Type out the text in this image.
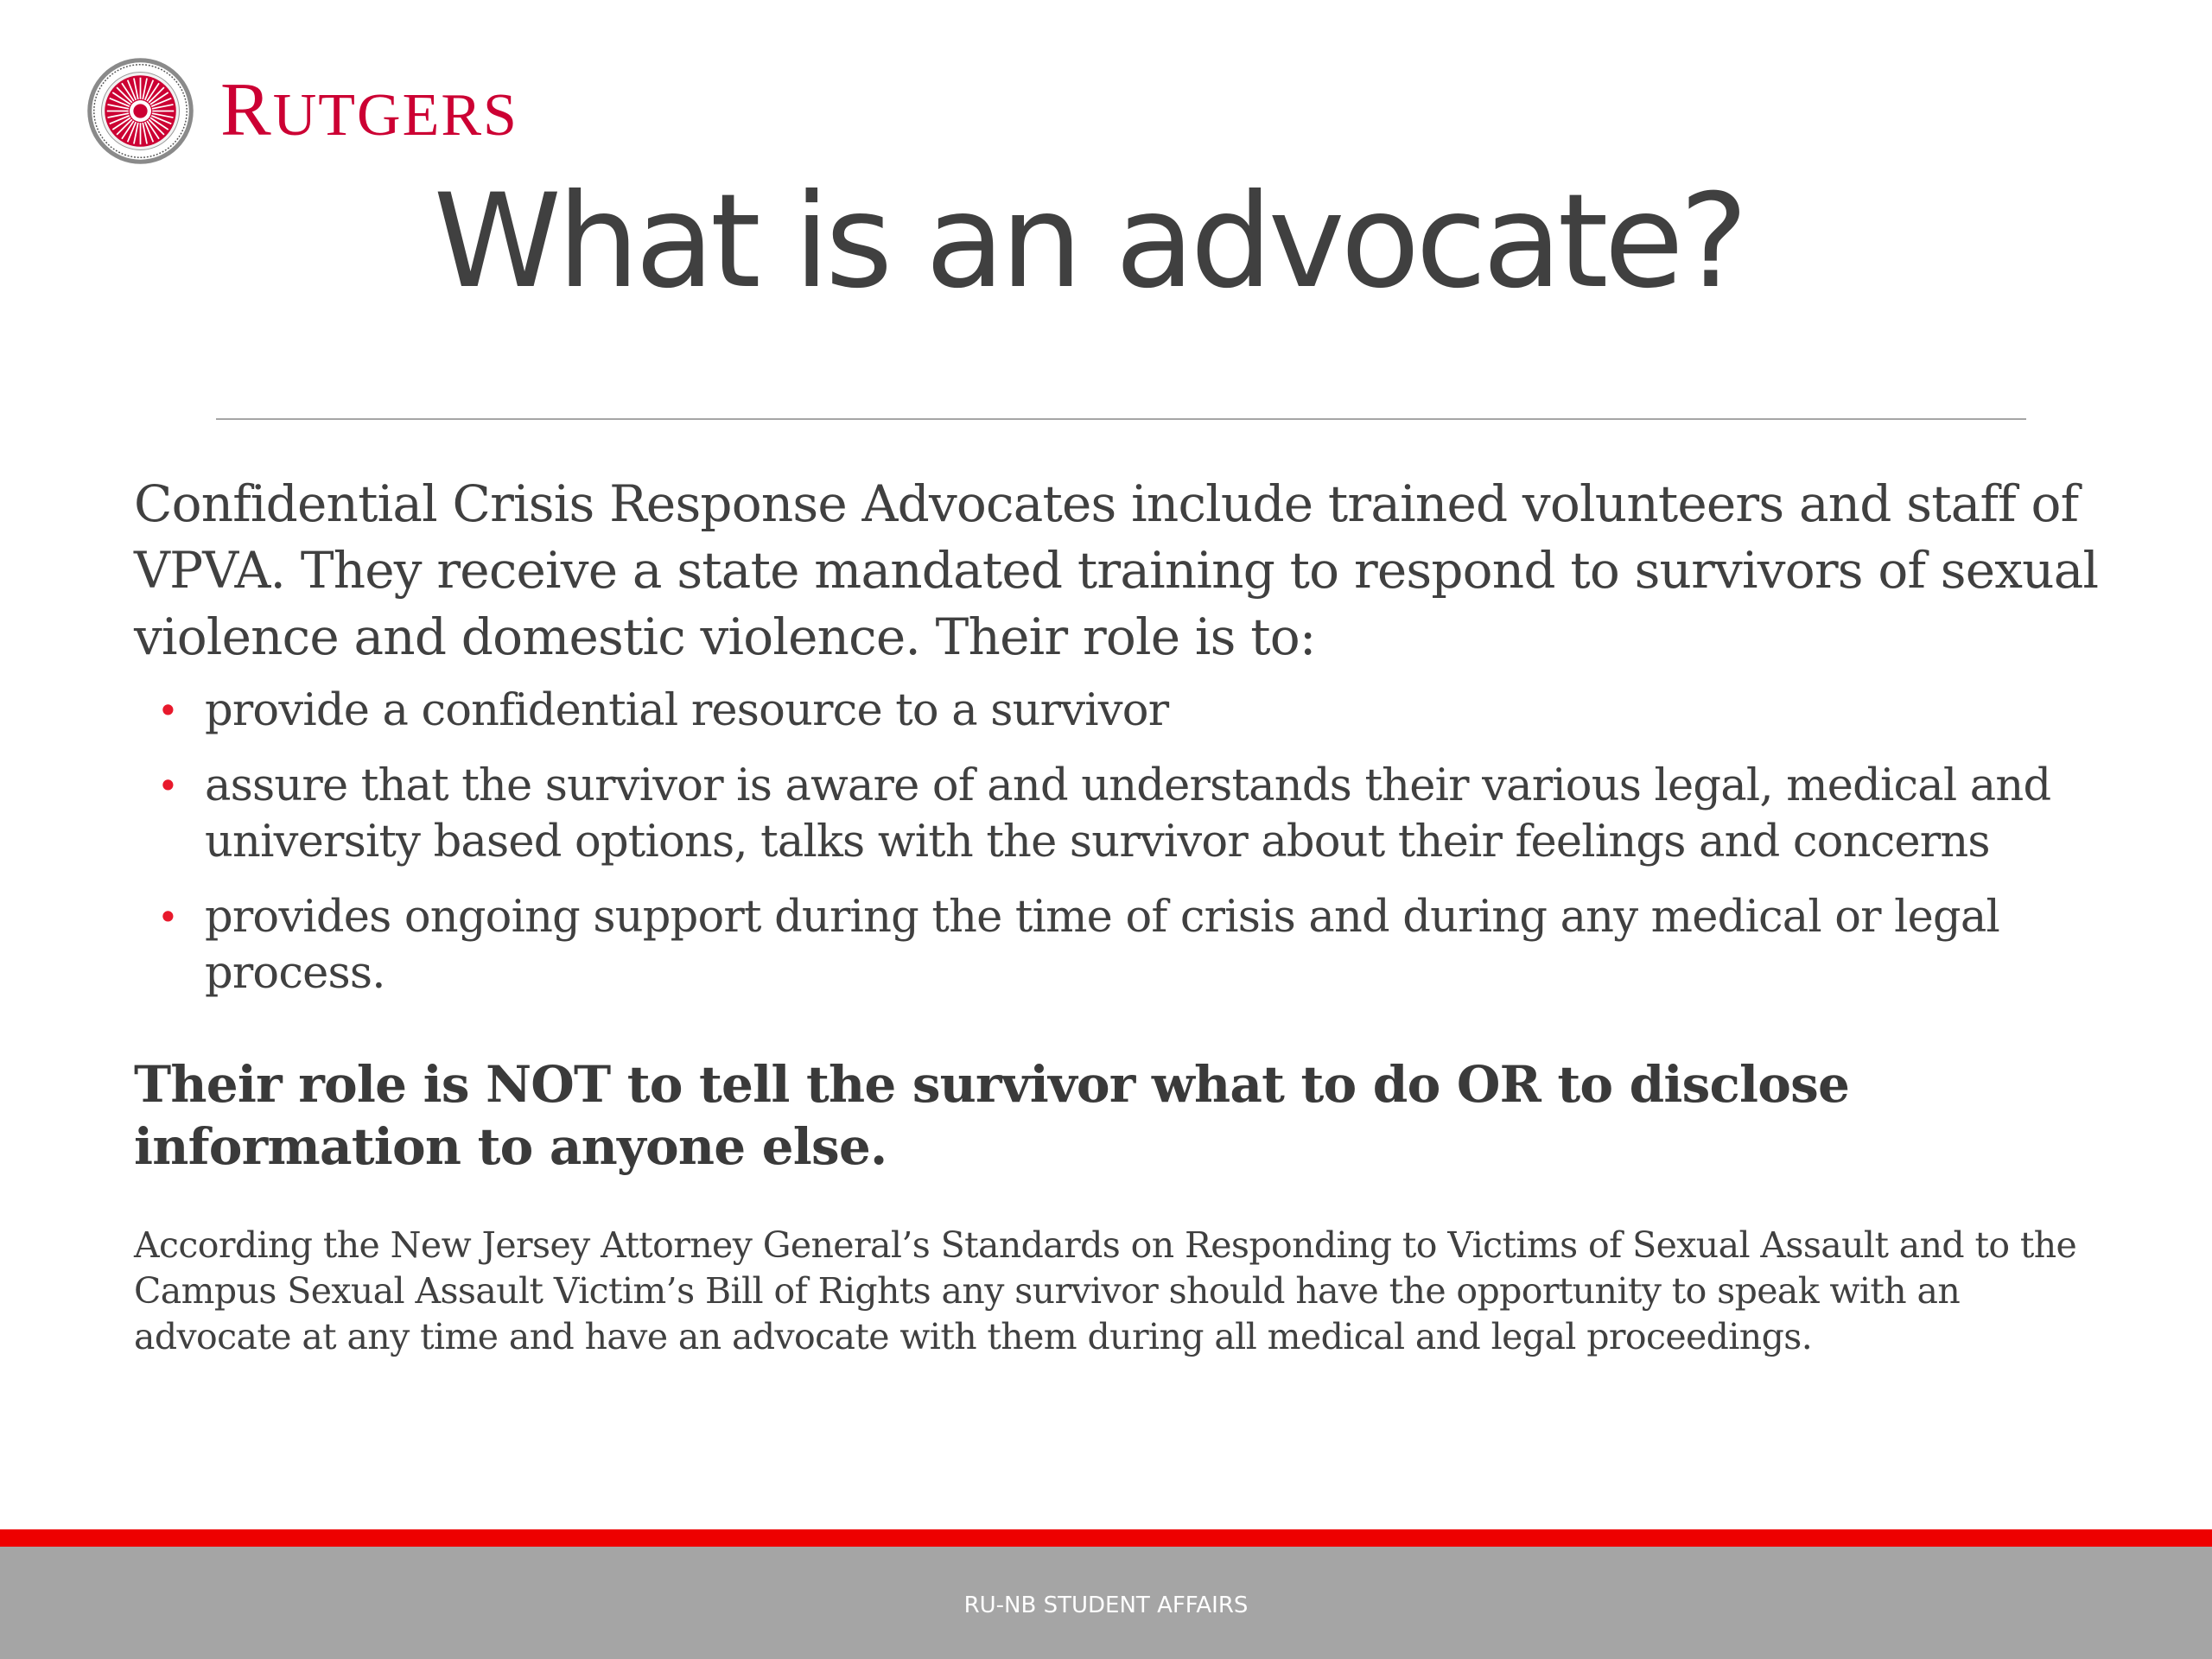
RUTGERS
What is an advocate?

Confidential Crisis Response Advocates include trained volunteers and staff of VPVA. They receive a state mandated training to respond to survivors of sexual violence and domestic violence. Their role is to:

• provide a confidential resource to a survivor
• assure that the survivor is aware of and understands their various legal, medical and university based options, talks with the survivor about their feelings and concerns
• provides ongoing support during the time of crisis and during any medical or legal process.

Their role is NOT to tell the survivor what to do OR to disclose information to anyone else.

According the New Jersey Attorney General’s Standards on Responding to Victims of Sexual Assault and to the Campus Sexual Assault Victim’s Bill of Rights any survivor should have the opportunity to speak with an advocate at any time and have an advocate with them during all medical and legal proceedings.

RU-NB STUDENT AFFAIRS
